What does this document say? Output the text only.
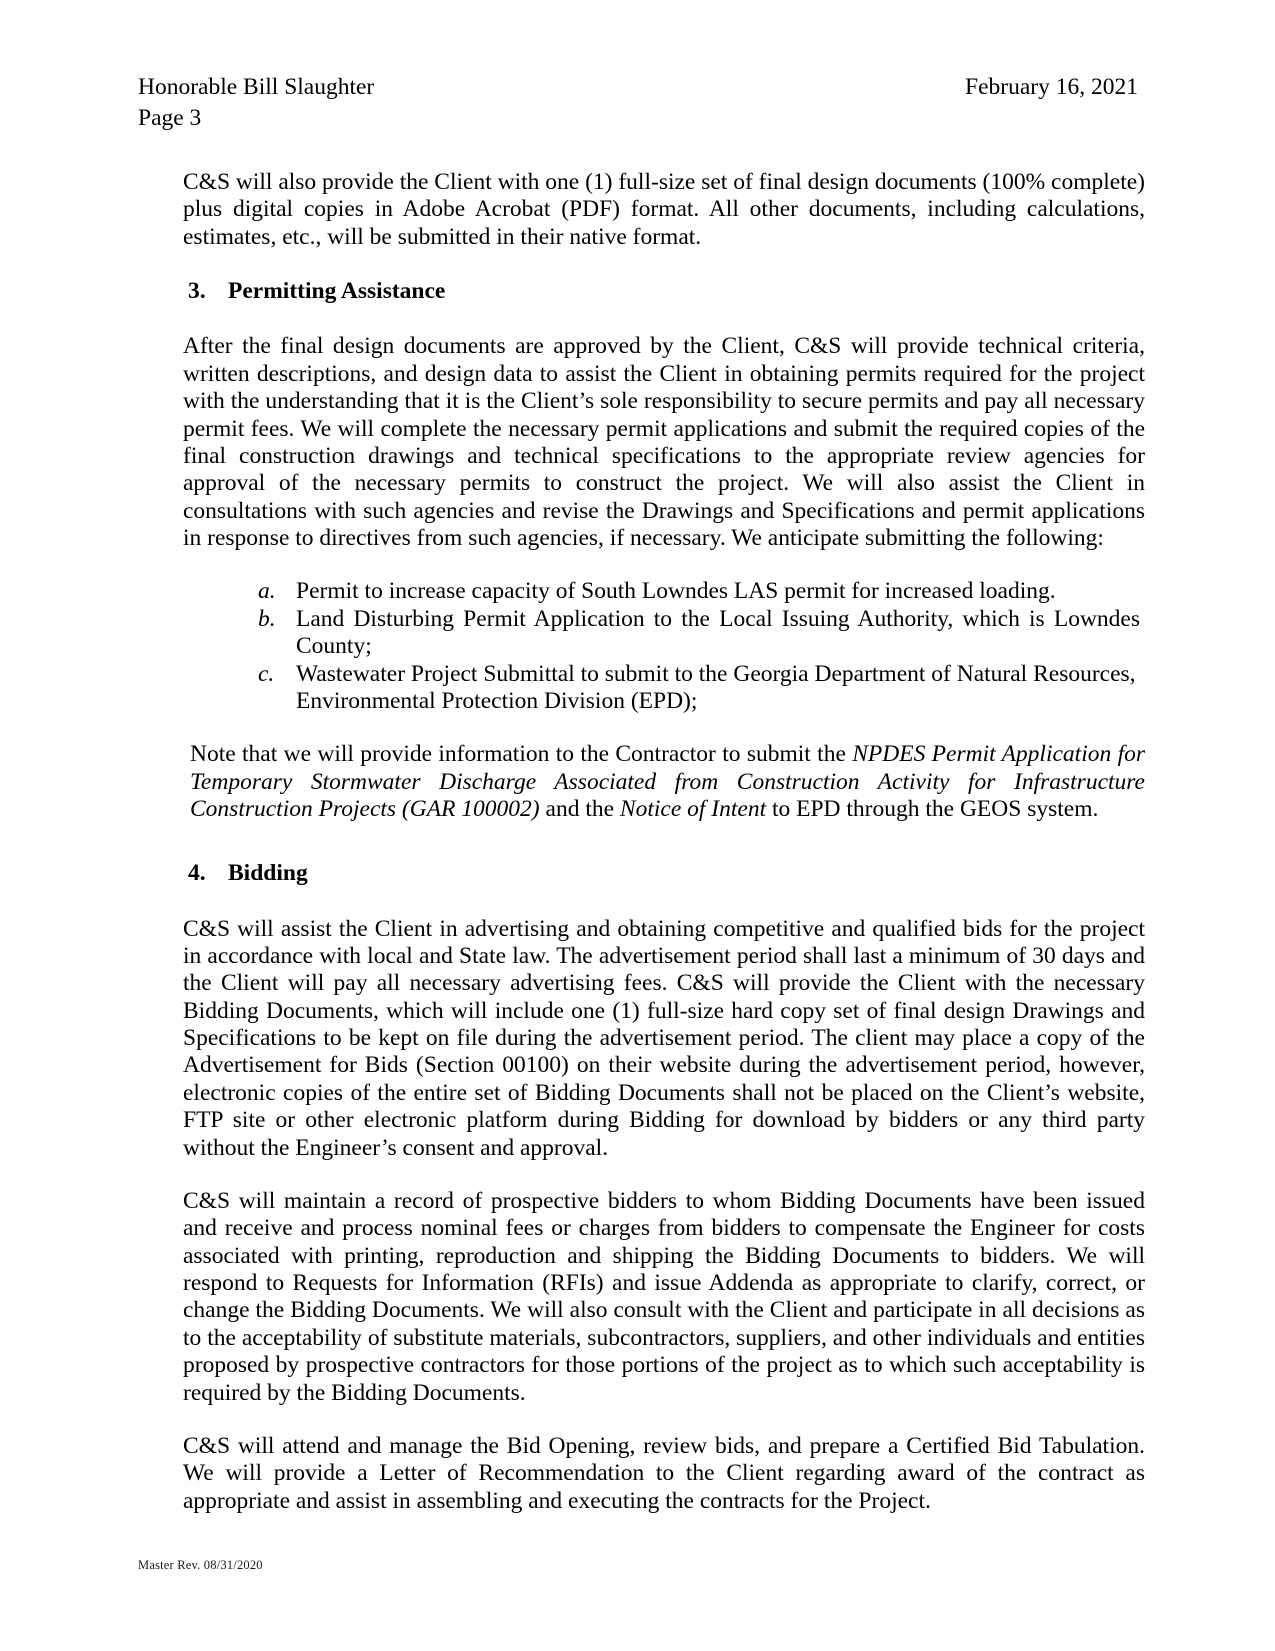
Honorable Bill Slaughter
Page 3
February 16, 2021

C&S will also provide the Client with one (1) full-size set of final design documents (100% complete) plus digital copies in Adobe Acrobat (PDF) format. All other documents, including calculations, estimates, etc., will be submitted in their native format.

3. Permitting Assistance

After the final design documents are approved by the Client, C&S will provide technical criteria, written descriptions, and design data to assist the Client in obtaining permits required for the project with the understanding that it is the Client’s sole responsibility to secure permits and pay all necessary permit fees. We will complete the necessary permit applications and submit the required copies of the final construction drawings and technical specifications to the appropriate review agencies for approval of the necessary permits to construct the project. We will also assist the Client in consultations with such agencies and revise the Drawings and Specifications and permit applications in response to directives from such agencies, if necessary. We anticipate submitting the following:

a. Permit to increase capacity of South Lowndes LAS permit for increased loading.
b. Land Disturbing Permit Application to the Local Issuing Authority, which is Lowndes County;
c. Wastewater Project Submittal to submit to the Georgia Department of Natural Resources, Environmental Protection Division (EPD);

Note that we will provide information to the Contractor to submit the NPDES Permit Application for Temporary Stormwater Discharge Associated from Construction Activity for Infrastructure Construction Projects (GAR 100002) and the Notice of Intent to EPD through the GEOS system.

4. Bidding

C&S will assist the Client in advertising and obtaining competitive and qualified bids for the project in accordance with local and State law. The advertisement period shall last a minimum of 30 days and the Client will pay all necessary advertising fees. C&S will provide the Client with the necessary Bidding Documents, which will include one (1) full-size hard copy set of final design Drawings and Specifications to be kept on file during the advertisement period. The client may place a copy of the Advertisement for Bids (Section 00100) on their website during the advertisement period, however, electronic copies of the entire set of Bidding Documents shall not be placed on the Client’s website, FTP site or other electronic platform during Bidding for download by bidders or any third party without the Engineer’s consent and approval.

C&S will maintain a record of prospective bidders to whom Bidding Documents have been issued and receive and process nominal fees or charges from bidders to compensate the Engineer for costs associated with printing, reproduction and shipping the Bidding Documents to bidders. We will respond to Requests for Information (RFIs) and issue Addenda as appropriate to clarify, correct, or change the Bidding Documents. We will also consult with the Client and participate in all decisions as to the acceptability of substitute materials, subcontractors, suppliers, and other individuals and entities proposed by prospective contractors for those portions of the project as to which such acceptability is required by the Bidding Documents.

C&S will attend and manage the Bid Opening, review bids, and prepare a Certified Bid Tabulation. We will provide a Letter of Recommendation to the Client regarding award of the contract as appropriate and assist in assembling and executing the contracts for the Project.

Master Rev. 08/31/2020
